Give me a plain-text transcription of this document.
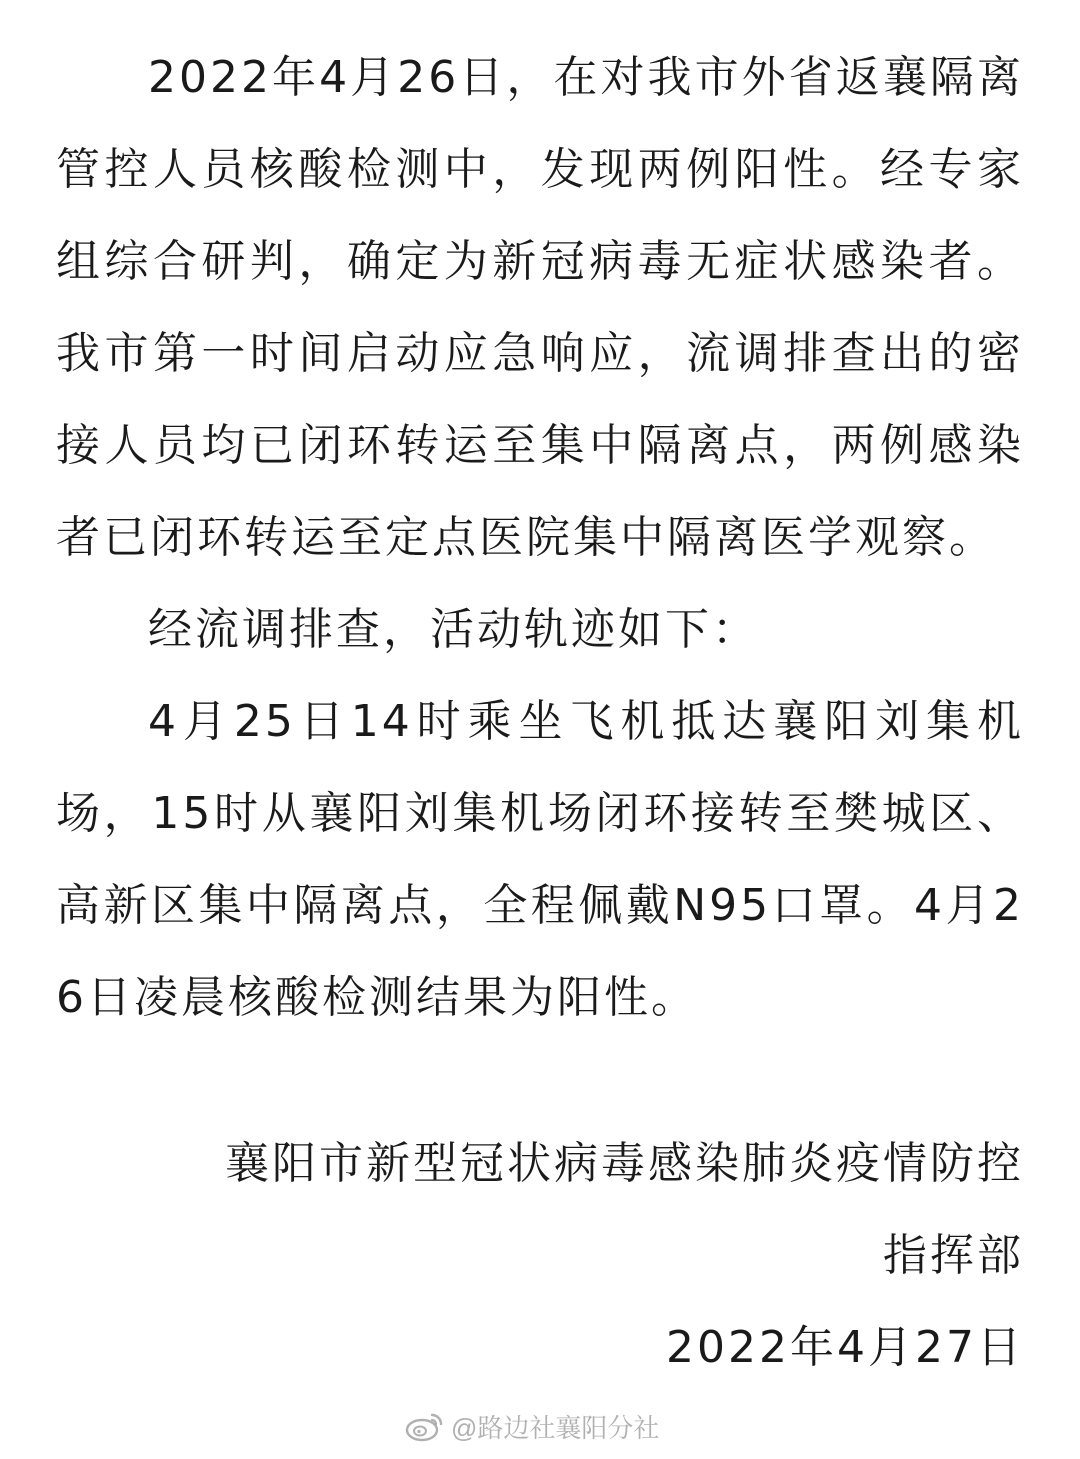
2022年4月26日，在对我市外省返襄隔离管控人员核酸检测中，发现两例阳性。经专家组综合研判，确定为新冠病毒无症状感染者。我市第一时间启动应急响应，流调排查出的密接人员均已闭环转运至集中隔离点，两例感染者已闭环转运至定点医院集中隔离医学观察。

经流调排查，活动轨迹如下：

4月25日14时乘坐飞机抵达襄阳刘集机场，15时从襄阳刘集机场闭环接转至樊城区、高新区集中隔离点，全程佩戴N95口罩。4月26日凌晨核酸检测结果为阳性。

襄阳市新型冠状病毒感染肺炎疫情防控
指挥部
2022年4月27日
@路边社襄阳分社
